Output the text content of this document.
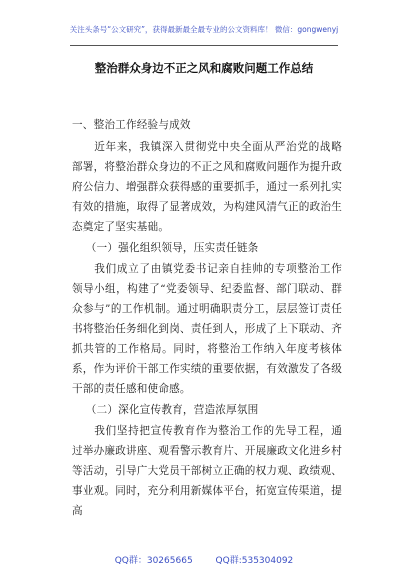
关注头条号“公文研究”，获得最新最全最专业的公文资料库！ 微信：gongwenyj
整治群众身边不正之风和腐败问题工作总结

一、整治工作经验与成效

近年来，我镇深入贯彻党中央全面从严治党的战略部署，将整治群众身边的不正之风和腐败问题作为提升政府公信力、增强群众获得感的重要抓手，通过一系列扎实有效的措施，取得了显著成效，为构建风清气正的政治生态奠定了坚实基础。

（一）强化组织领导，压实责任链条

我们成立了由镇党委书记亲自挂帅的专项整治工作领导小组，构建了“党委领导、纪委监督、部门联动、群众参与”的工作机制。通过明确职责分工，层层签订责任书将整治任务细化到岗、责任到人，形成了上下联动、齐抓共管的工作格局。同时，将整治工作纳入年度考核体系，作为评价干部工作实绩的重要依据，有效激发了各级干部的责任感和使命感。

（二）深化宣传教育，营造浓厚氛围

我们坚持把宣传教育作为整治工作的先导工程，通过举办廉政讲座、观看警示教育片、开展廉政文化进乡村等活动，引导广大党员干部树立正确的权力观、政绩观、事业观。同时，充分利用新媒体平台，拓宽宣传渠道，提高

QQ群：30265665	QQ群:535304092
